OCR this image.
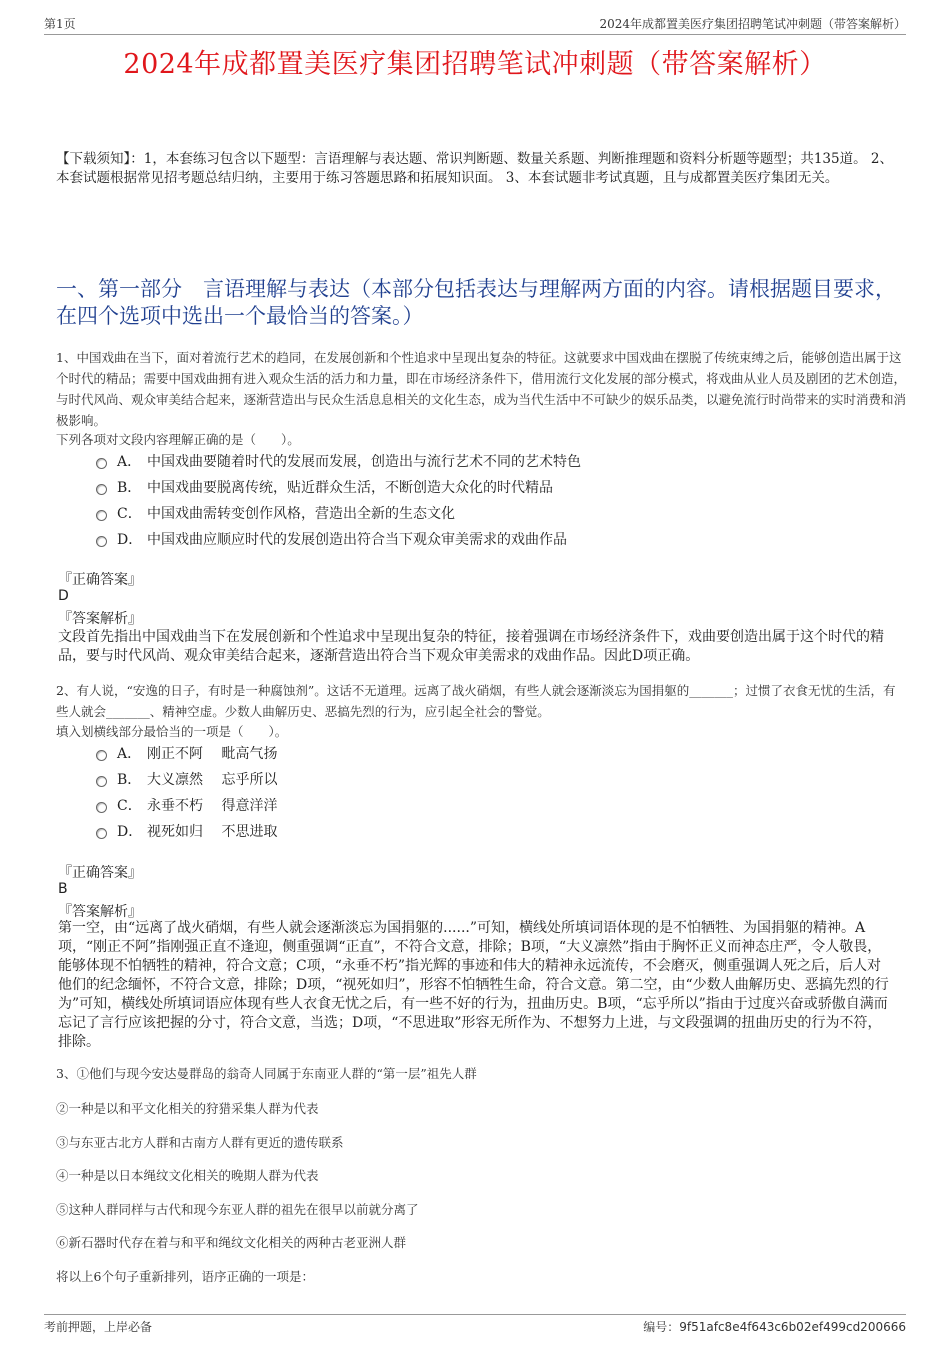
第1页	2024年成都置美医疗集团招聘笔试冲刺题（带答案解析）
2024年成都置美医疗集团招聘笔试冲刺题（带答案解析）
【下载须知】：1，本套练习包含以下题型：言语理解与表达题、常识判断题、数量关系题、判断推理题和资料分析题等题型；共135道。 2、本套试题根据常见招考题总结归纳，主要用于练习答题思路和拓展知识面。 3、本套试题非考试真题，且与成都置美医疗集团无关。
一、第一部分　言语理解与表达（本部分包括表达与理解两方面的内容。请根据题目要求，在四个选项中选出一个最恰当的答案。）
1、中国戏曲在当下，面对着流行艺术的趋同，在发展创新和个性追求中呈现出复杂的特征。这就要求中国戏曲在摆脱了传统束缚之后，能够创造出属于这个时代的精品；需要中国戏曲拥有进入观众生活的活力和力量，即在市场经济条件下，借用流行文化发展的部分模式，将戏曲从业人员及剧团的艺术创造，与时代风尚、观众审美结合起来，逐渐营造出与民众生活息息相关的文化生态，成为当代生活中不可缺少的娱乐品类，以避免流行时尚带来的实时消费和消极影响。
下列各项对文段内容理解正确的是（　　）。
A． 中国戏曲要随着时代的发展而发展，创造出与流行艺术不同的艺术特色
B． 中国戏曲要脱离传统，贴近群众生活，不断创造大众化的时代精品
C． 中国戏曲需转变创作风格，营造出全新的生态文化
D． 中国戏曲应顺应时代的发展创造出符合当下观众审美需求的戏曲作品
『正确答案』
D
『答案解析』
文段首先指出中国戏曲当下在发展创新和个性追求中呈现出复杂的特征，接着强调在市场经济条件下，戏曲要创造出属于这个时代的精品，要与时代风尚、观众审美结合起来，逐渐营造出符合当下观众审美需求的戏曲作品。因此D项正确。
2、有人说，“安逸的日子，有时是一种腐蚀剂”。这话不无道理。远离了战火硝烟，有些人就会逐渐淡忘为国捐躯的_______；过惯了衣食无忧的生活，有些人就会_______、精神空虚。少数人曲解历史、恶搞先烈的行为，应引起全社会的警觉。
填入划横线部分最恰当的一项是（　　）。
A． 刚正不阿　 毗高气扬
B． 大义凛然　 忘乎所以
C． 永垂不朽　 得意洋洋
D． 视死如归　 不思进取
『正确答案』
B
『答案解析』
第一空，由“远离了战火硝烟，有些人就会逐渐淡忘为国捐躯的......”可知，横线处所填词语体现的是不怕牺牲、为国捐躯的精神。A项，“刚正不阿”指刚强正直不逢迎，侧重强调“正直”，不符合文意，排除；B项，“大义凛然”指由于胸怀正义而神态庄严，令人敬畏，能够体现不怕牺牲的精神，符合文意；C项，“永垂不朽”指光辉的事迹和伟大的精神永远流传，不会磨灭，侧重强调人死之后，后人对他们的纪念缅怀，不符合文意，排除；D项，“视死如归”，形容不怕牺牲生命，符合文意。第二空，由“少数人曲解历史、恶搞先烈的行为”可知，横线处所填词语应体现有些人衣食无忧之后，有一些不好的行为，扭曲历史。B项，“忘乎所以”指由于过度兴奋或骄傲自满而忘记了言行应该把握的分寸，符合文意，当选；D项，“不思进取”形容无所作为、不想努力上进，与文段强调的扭曲历史的行为不符，排除。
3、①他们与现今安达曼群岛的翁奇人同属于东南亚人群的“第一层”祖先人群
②一种是以和平文化相关的狩猎采集人群为代表
③与东亚古北方人群和古南方人群有更近的遗传联系
④一种是以日本绳纹文化相关的晚期人群为代表
⑤这种人群同样与古代和现今东亚人群的祖先在很早以前就分离了
⑥新石器时代存在着与和平和绳纹文化相关的两种古老亚洲人群
将以上6个句子重新排列，语序正确的一项是：
考前押题，上岸必备	编号：9f51afc8e4f643c6b02ef499cd200666
